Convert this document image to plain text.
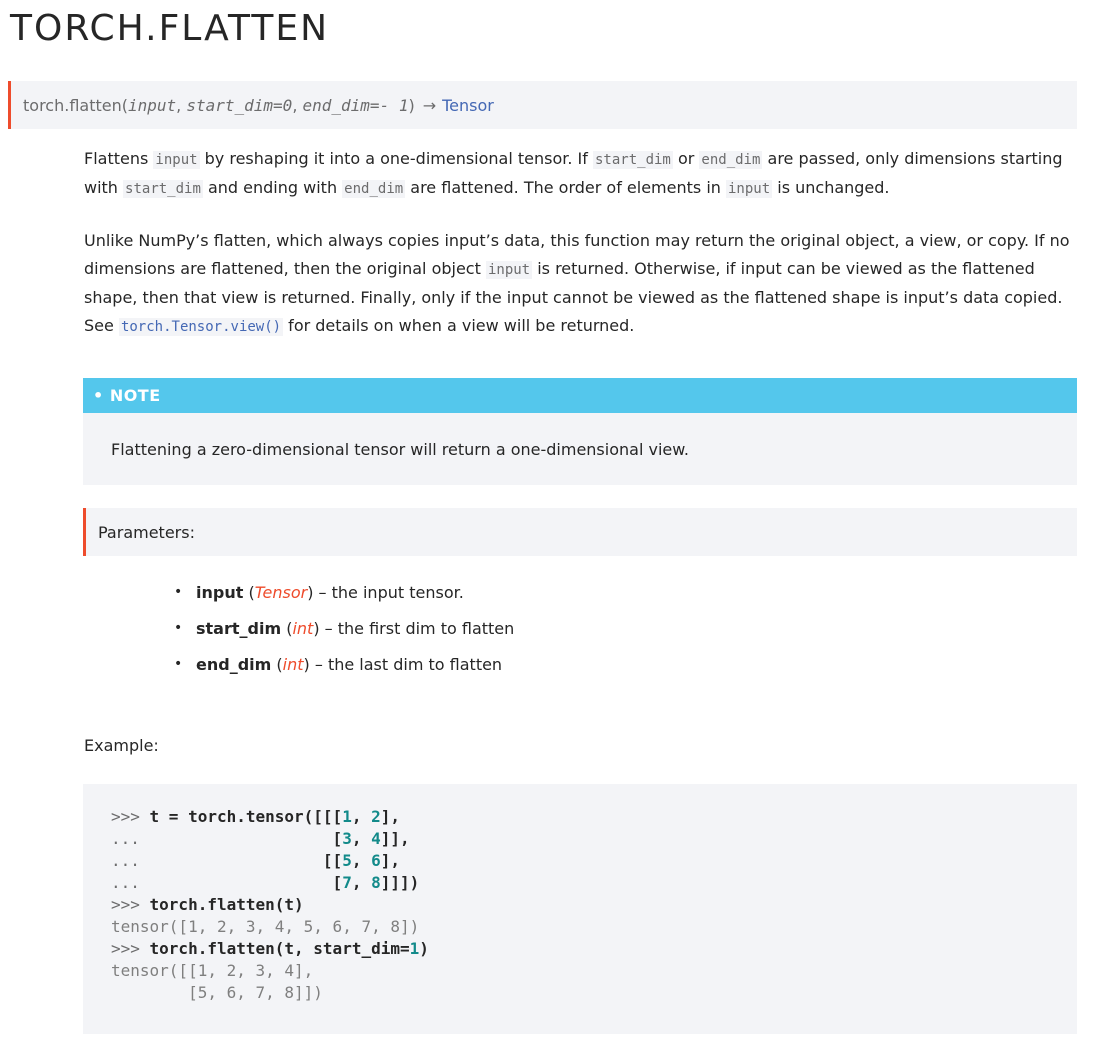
TORCH.FLATTEN
torch.flatten ( input ,
start_dim=0 ,
end_dim=- 1 ) → Tensor

Flattens input by reshaping it into a one-dimensional tensor. If start_dim or end_dim are passed, only dimensions starting with start_dim and ending with end_dim are flattened. The order of elements in input is unchanged.

Unlike NumPy’s flatten, which always copies input’s data, this function may return the original object, a view, or copy. If no dimensions are flattened, then the original object input is returned. Otherwise, if input can be viewed as the flattened shape, then that view is returned. Finally, only if the input cannot be viewed as the flattened shape is input’s data copied. See torch.Tensor.view() for details on when a view will be returned.

•
NOTE
Flattening a zero-dimensional tensor will return a one-dimensional view.
Parameters:
• input
( Tensor )
– the input tensor.
• start_dim
( int )
– the first dim to flatten
• end_dim
( int )
– the last dim to flatten
Example:
>>> t = torch.tensor([[[1, 2],
...                    [3, 4]],
...                   [[5, 6],
...                    [7, 8]]])
>>> torch.flatten(t)
tensor([1, 2, 3, 4, 5, 6, 7, 8])
>>> torch.flatten(t, start_dim=1)
tensor([[1, 2, 3, 4],
[5, 6, 7, 8]])
